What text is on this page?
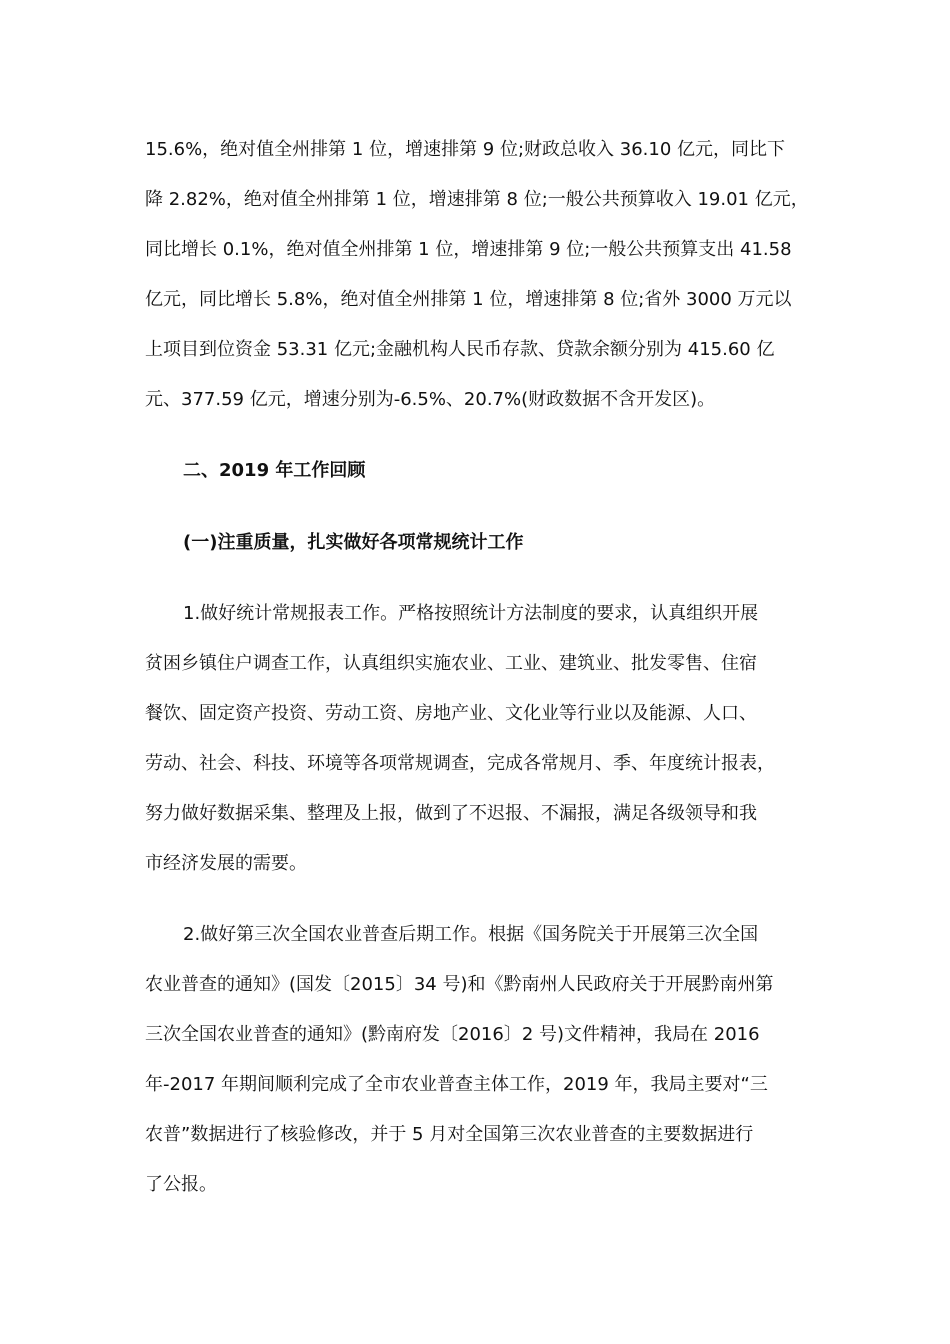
15.6%，绝对值全州排第 1 位，增速排第 9 位;财政总收入 36.10 亿元，同比下
降 2.82%，绝对值全州排第 1 位，增速排第 8 位;一般公共预算收入 19.01 亿元，
同比增长 0.1%，绝对值全州排第 1 位，增速排第 9 位;一般公共预算支出 41.58
亿元，同比增长 5.8%，绝对值全州排第 1 位，增速排第 8 位;省外 3000 万元以
上项目到位资金 53.31 亿元;金融机构人民币存款、贷款余额分别为 415.60 亿
元、377.59 亿元，增速分别为-6.5%、20.7%(财政数据不含开发区)。
二、2019 年工作回顾
(一)注重质量，扎实做好各项常规统计工作
1.做好统计常规报表工作。严格按照统计方法制度的要求，认真组织开展
贫困乡镇住户调查工作，认真组织实施农业、工业、建筑业、批发零售、住宿
餐饮、固定资产投资、劳动工资、房地产业、文化业等行业以及能源、人口、
劳动、社会、科技、环境等各项常规调查，完成各常规月、季、年度统计报表，
努力做好数据采集、整理及上报，做到了不迟报、不漏报，满足各级领导和我
市经济发展的需要。
2.做好第三次全国农业普查后期工作。根据《国务院关于开展第三次全国
农业普查的通知》(国发〔2015〕34 号)和《黔南州人民政府关于开展黔南州第
三次全国农业普查的通知》(黔南府发〔2016〕2 号)文件精神，我局在 2016
年-2017 年期间顺利完成了全市农业普查主体工作，2019 年，我局主要对“三
农普”数据进行了核验修改，并于 5 月对全国第三次农业普查的主要数据进行
了公报。
